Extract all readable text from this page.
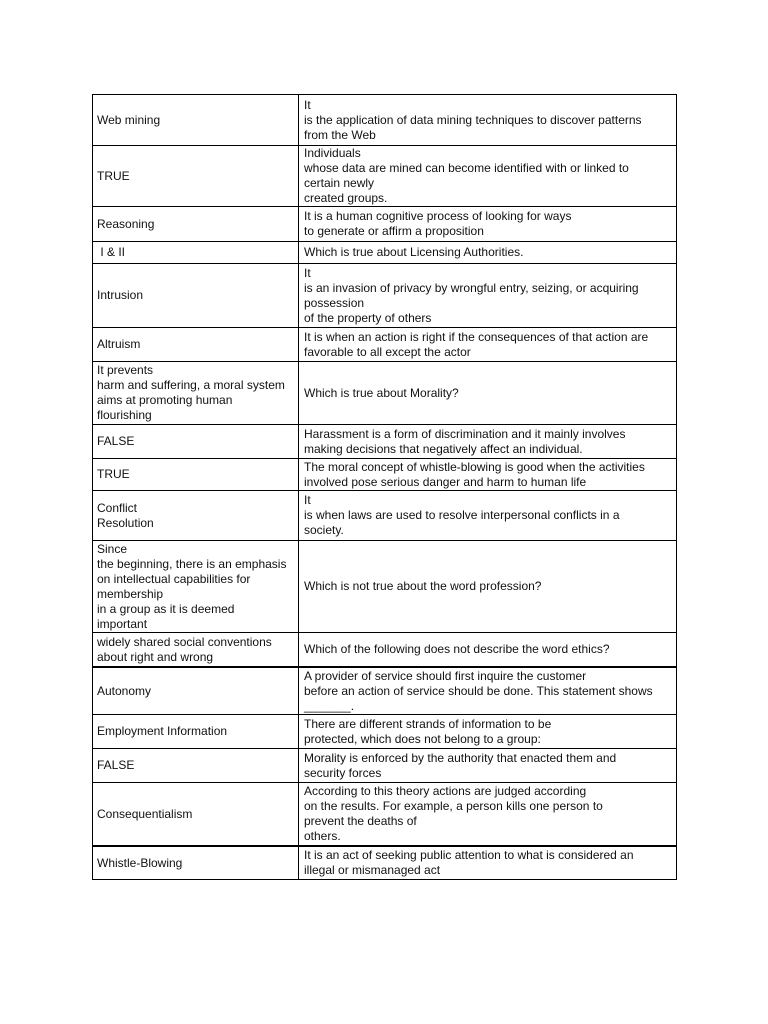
Web mining
It
is the application of data mining techniques to discover patterns
from the Web
TRUE
Individuals
whose data are mined can become identified with or linked to
certain newly
created groups.
Reasoning
It is a human cognitive process of looking for ways
to generate or affirm a proposition
I & II	Which is true about Licensing Authorities.
Intrusion
It
is an invasion of privacy by wrongful entry, seizing, or acquiring
possession
of the property of others
Altruism
It is when an action is right if the consequences of that action are
favorable to all except the actor
It prevents
harm and suffering, a moral system
aims at promoting human
flourishing
Which is true about Morality?
FALSE
Harassment is a form of discrimination and it mainly involves
making decisions that negatively affect an individual.
TRUE
The moral concept of whistle-blowing is good when the activities
involved pose serious danger and harm to human life
Conflict
Resolution
It
is when laws are used to resolve interpersonal conflicts in a
society.
Since
the beginning, there is an emphasis
on intellectual capabilities for
membership
in a group as it is deemed
important
Which is not true about the word profession?
widely shared social conventions
about right and wrong
Which of the following does not describe the word ethics?
Autonomy
A provider of service should first inquire the customer
before an action of service should be done. This statement shows
_______.
Employment Information
There are different strands of information to be
protected, which does not belong to a group:
FALSE
Morality is enforced by the authority that enacted them and
security forces
Consequentialism
According to this theory actions are judged according
on the results. For example, a person kills one person to
prevent the deaths of
others.
Whistle-Blowing
It is an act of seeking public attention to what is considered an
illegal or mismanaged act
